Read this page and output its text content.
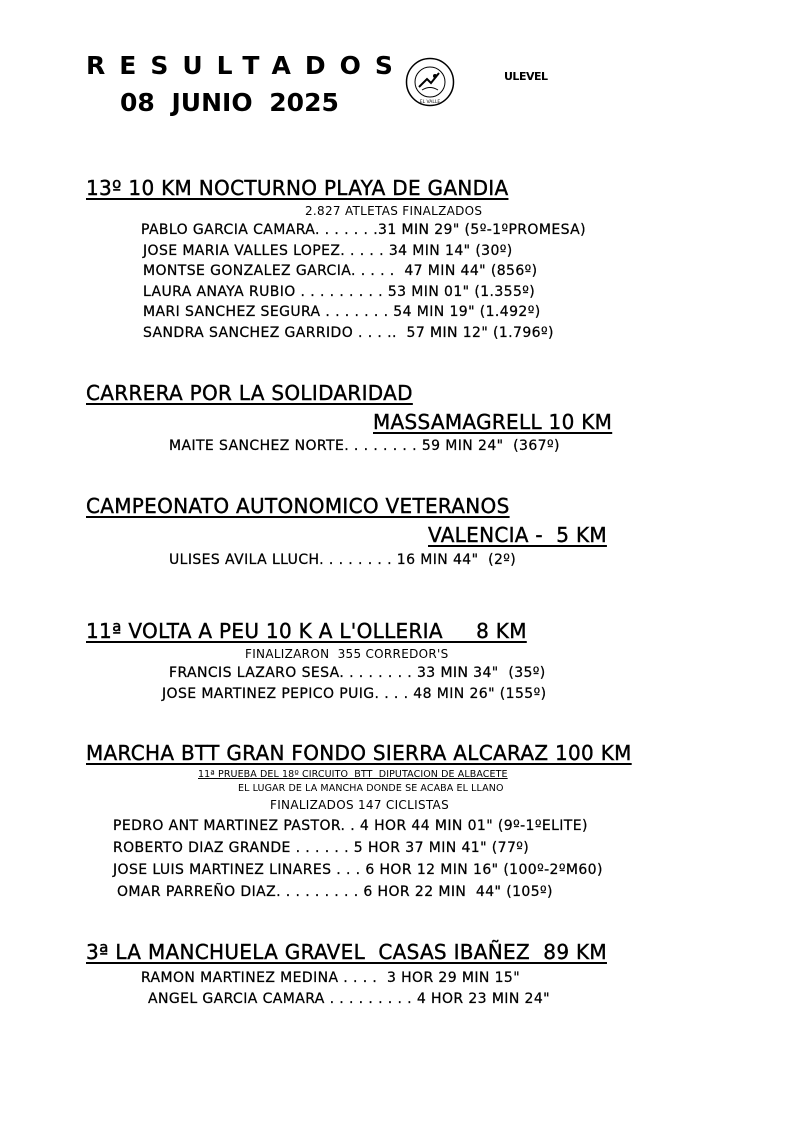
RESULTADOS
08 JUNIO 2025	EL VALLE
ULEVEL
13º 10 KM NOCTURNO PLAYA DE GANDIA
2.827 ATLETAS FINALZADOS
PABLO GARCIA CAMARA. . . . . . .31 MIN 29" (5º-1ºPROMESA)
JOSE MARIA VALLES LOPEZ. . . . . 34 MIN 14" (30º)
MONTSE GONZALEZ GARCIA. . . . .  47 MIN 44" (856º)
LAURA ANAYA RUBIO . . . . . . . . . 53 MIN 01" (1.355º)
MARI SANCHEZ SEGURA . . . . . . . 54 MIN 19" (1.492º)
SANDRA SANCHEZ GARRIDO . . . ..  57 MIN 12" (1.796º)
CARRERA POR LA SOLIDARIDAD
MASSAMAGRELL 10 KM
MAITE SANCHEZ NORTE. . . . . . . . 59 MIN 24"  (367º)
CAMPEONATO AUTONOMICO VETERANOS
VALENCIA -  5 KM
ULISES AVILA LLUCH. . . . . . . . 16 MIN 44"  (2º)
11ª VOLTA A PEU 10 K A L'OLLERIA     8 KM
FINALIZARON  355 CORREDOR'S
FRANCIS LAZARO SESA. . . . . . . . 33 MIN 34"  (35º)
JOSE MARTINEZ PEPICO PUIG. . . . 48 MIN 26" (155º)
MARCHA BTT GRAN FONDO SIERRA ALCARAZ 100 KM
11ª PRUEBA DEL 18º CIRCUITO  BTT  DIPUTACION DE ALBACETE
EL LUGAR DE LA MANCHA DONDE SE ACABA EL LLANO
FINALIZADOS 147 CICLISTAS
PEDRO ANT MARTINEZ PASTOR. . 4 HOR 44 MIN 01" (9º-1ºELITE)
ROBERTO DIAZ GRANDE . . . . . . 5 HOR 37 MIN 41" (77º)
JOSE LUIS MARTINEZ LINARES . . . 6 HOR 12 MIN 16" (100º-2ºM60)
OMAR PARREÑO DIAZ. . . . . . . . . 6 HOR 22 MIN  44" (105º)
3ª LA MANCHUELA GRAVEL  CASAS IBAÑEZ  89 KM
RAMON MARTINEZ MEDINA . . . .  3 HOR 29 MIN 15"
ANGEL GARCIA CAMARA . . . . . . . . . 4 HOR 23 MIN 24"
